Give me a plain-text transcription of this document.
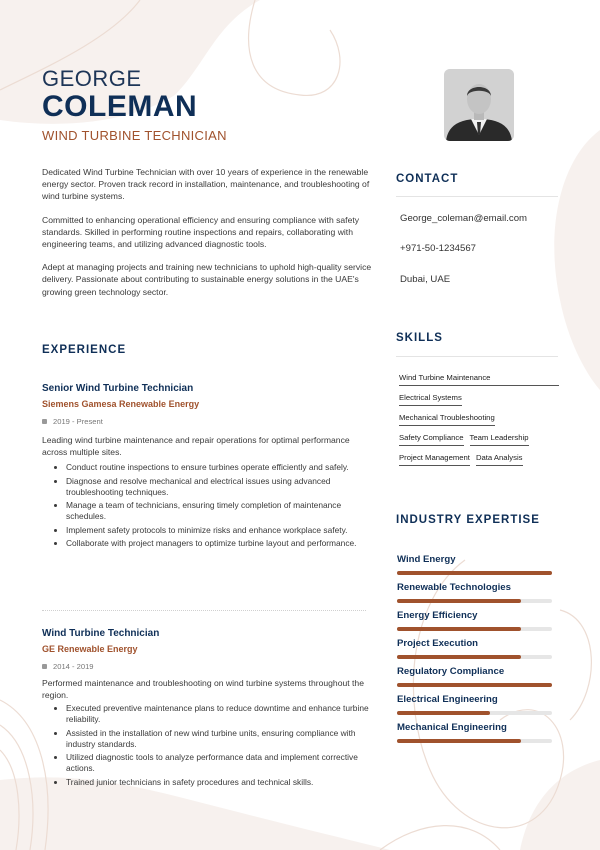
GEORGE
COLEMAN
WIND TURBINE TECHNICIAN

Dedicated Wind Turbine Technician with over 10 years of experience in the renewable energy sector. Proven track record in installation, maintenance, and troubleshooting of wind turbine systems.

Committed to enhancing operational efficiency and ensuring compliance with safety standards. Skilled in performing routine inspections and repairs, collaborating with engineering teams, and utilizing advanced diagnostic tools.

Adept at managing projects and training new technicians to uphold high-quality service delivery. Passionate about contributing to sustainable energy solutions in the UAE's growing green technology sector.

EXPERIENCE
Senior Wind Turbine Technician
Siemens Gamesa Renewable Energy
2019 - Present
Leading wind turbine maintenance and repair operations for optimal performance across multiple sites.
• Conduct routine inspections to ensure turbines operate efficiently and safely.
• Diagnose and resolve mechanical and electrical issues using advanced troubleshooting techniques.
• Manage a team of technicians, ensuring timely completion of maintenance schedules.
• Implement safety protocols to minimize risks and enhance workplace safety.
• Collaborate with project managers to optimize turbine layout and performance.
Wind Turbine Technician
GE Renewable Energy
2014 - 2019
Performed maintenance and troubleshooting on wind turbine systems throughout the region.
• Executed preventive maintenance plans to reduce downtime and enhance turbine reliability.
• Assisted in the installation of new wind turbine units, ensuring compliance with industry standards.
• Utilized diagnostic tools to analyze performance data and implement corrective actions.
• Trained junior technicians in safety procedures and technical skills.
CONTACT
George_coleman@email.com
+971-50-1234567
Dubai, UAE
SKILLS
Wind Turbine Maintenance
Electrical Systems
Mechanical Troubleshooting
Safety Compliance Team Leadership
Project Management Data Analysis
INDUSTRY EXPERTISE
Wind Energy
Renewable Technologies
Energy Efficiency
Project Execution
Regulatory Compliance
Electrical Engineering
Mechanical Engineering
